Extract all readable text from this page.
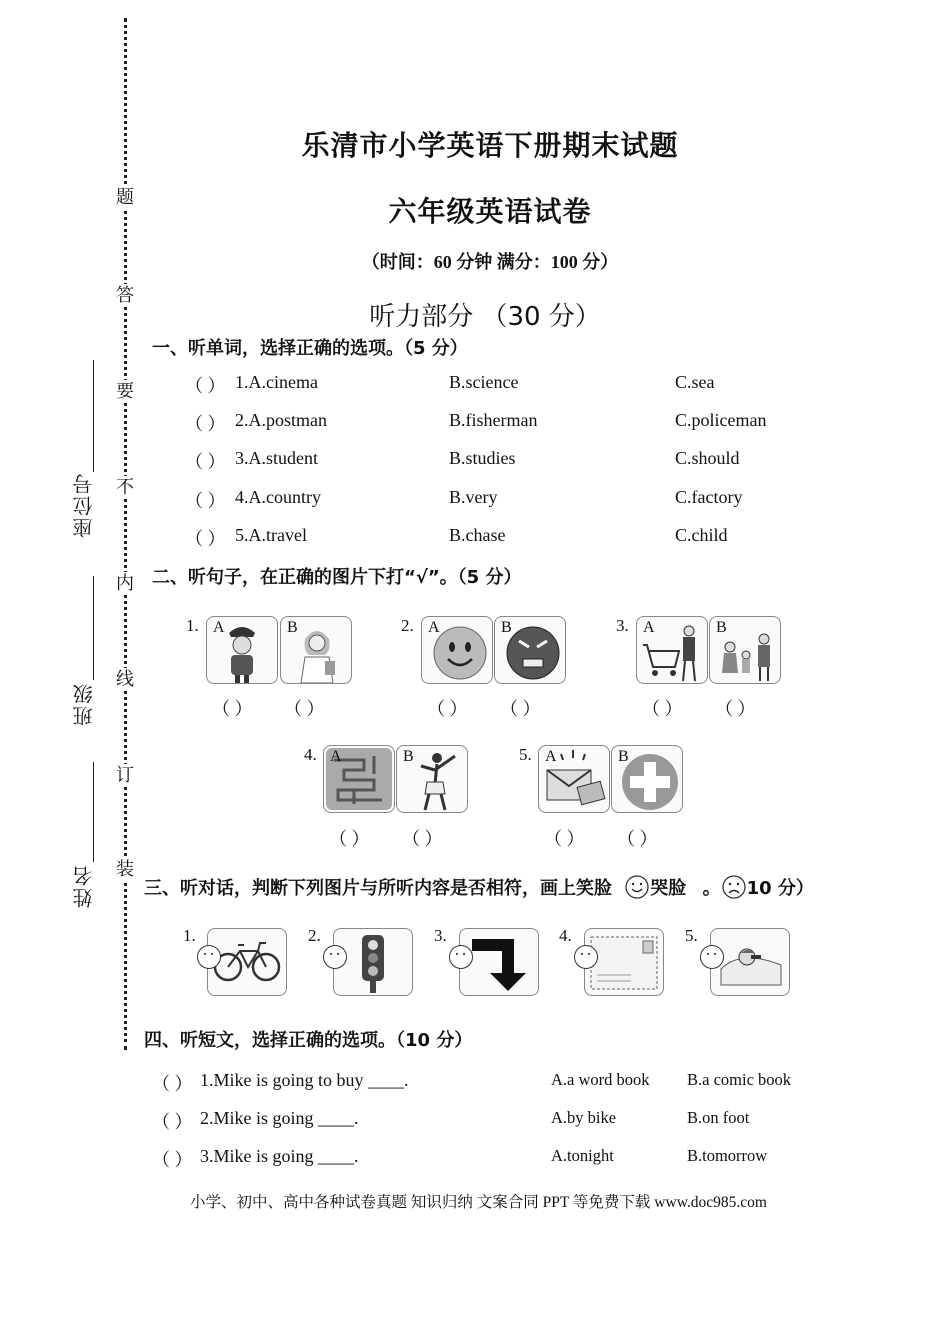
题
答
要
不
内
线
订
装
座位号
班级
姓名
乐清市小学英语下册期末试题
六年级英语试卷
（时间：60 分钟 满分：100 分）
听力部分 （30 分）
一、听单词，选择正确的选项。（5 分）
（ ） 1.A.cinema	B.science	C.sea
（ ） 2.A.postman	B.fisherman	C.policeman
（ ） 3.A.student	B.studies	C.should
（ ） 4.A.country	B.very	C.factory
（ ） 5.A.travel	B.chase	C.child
二、听句子，在正确的图片下打“√”。（5 分）
1. A	B
（ ） （ ）
2. A	B
（ ） （ ）
3. A	B
（ ） （ ）
4. A	B
（ ） （ ）
5. A	B
（ ） （ ）
三、听对话，判断下列图片与所听内容是否相符，画上笑脸 哭脸 。 10 分）
1.	2.	3.	4.	5.
四、听短文，选择正确的选项。（10 分）
（ ） 1.Mike is going to buy ____.	A.a word book B.a comic book
（ ） 2.Mike is going ____.	A.by bike	B.on foot
（ ） 3.Mike is going ____.	A.tonight	B.tomorrow
小学、初中、高中各种试卷真题 知识归纳 文案合同 PPT 等免费下载 www.doc985.com
